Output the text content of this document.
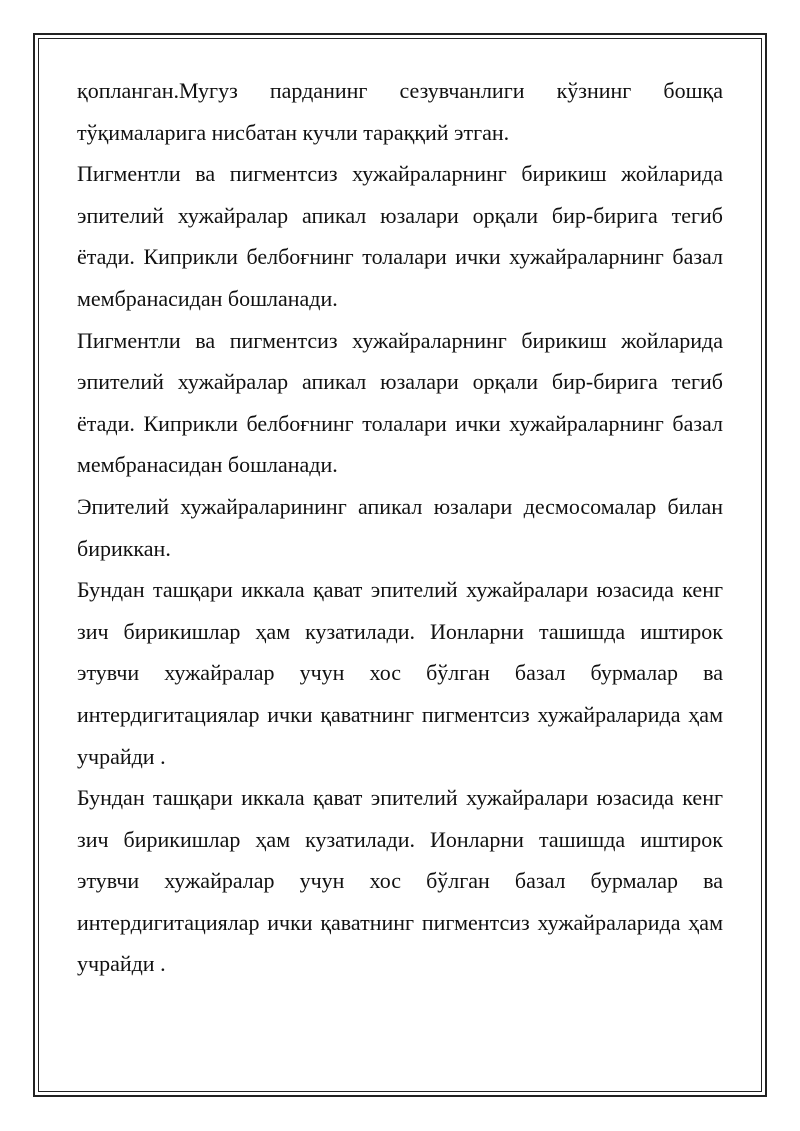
қопланган.Мугуз парданинг сезувчанлиги кўзнинг бошқа тўқималарига нисбатан кучли тараққий этган.

Пигментли ва пигментсиз хужайраларнинг бирикиш жойларида эпителий хужайралар апикал юзалари орқали бир-бирига тегиб ётади. Киприкли белбоғнинг толалари ички хужайраларнинг базал мембранасидан бошланади.

Пигментли ва пигментсиз хужайраларнинг бирикиш жойларида эпителий хужайралар апикал юзалари орқали бир-бирига тегиб ётади. Киприкли белбоғнинг толалари ички хужайраларнинг базал мембранасидан бошланади.

Эпителий хужайраларининг апикал юзалари десмосомалар билан бириккан.

Бундан ташқари иккала қават эпителий хужайралари юзасида кенг зич бирикишлар ҳам кузатилади. Ионларни ташишда иштирок этувчи хужайралар учун хос бўлган базал бурмалар ва интердигитациялар ички қаватнинг пигментсиз хужайраларида ҳам учрайди .

Бундан ташқари иккала қават эпителий хужайралари юзасида кенг зич бирикишлар ҳам кузатилади. Ионларни ташишда иштирок этувчи хужайралар учун хос бўлган базал бурмалар ва интердигитациялар ички қаватнинг пигментсиз хужайраларида ҳам учрайди .
